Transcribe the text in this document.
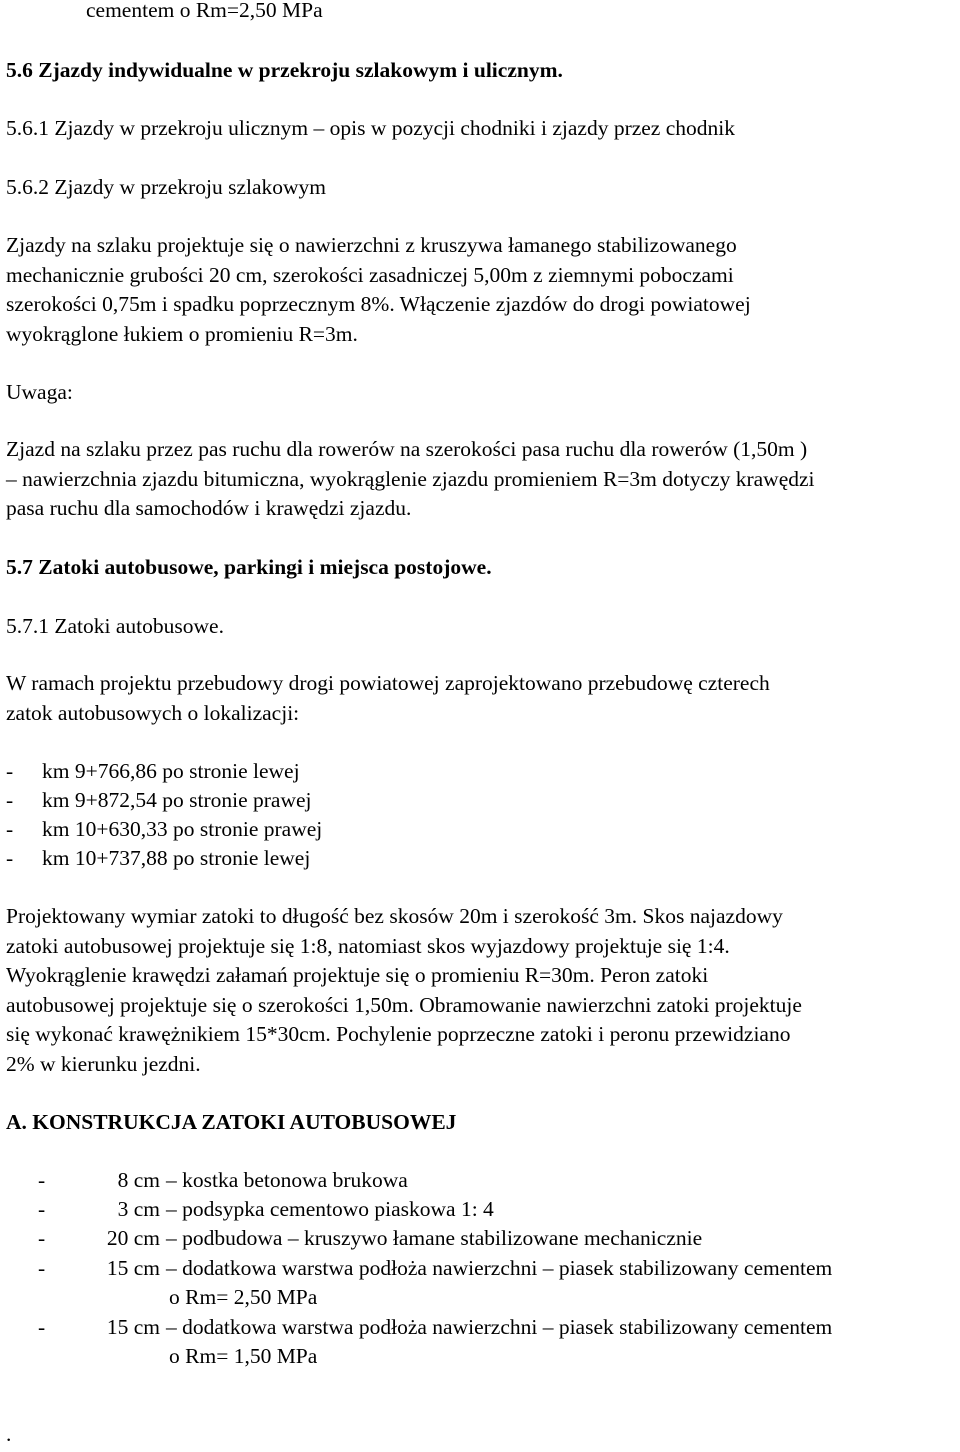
cementem o Rm=2,50 MPa
5.6 Zjazdy indywidualne w przekroju szlakowym i ulicznym.
5.6.1 Zjazdy w przekroju ulicznym – opis w pozycji chodniki i zjazdy przez chodnik
5.6.2 Zjazdy w przekroju szlakowym
Zjazdy na szlaku projektuje się o nawierzchni z kruszywa łamanego stabilizowanego
mechanicznie grubości 20 cm, szerokości zasadniczej 5,00m z ziemnymi poboczami
szerokości 0,75m i spadku poprzecznym 8%. Włączenie zjazdów do drogi powiatowej
wyokrąglone łukiem o promieniu R=3m.
Uwaga:
Zjazd na szlaku przez pas ruchu dla rowerów na szerokości pasa ruchu dla rowerów (1,50m )
– nawierzchnia zjazdu bitumiczna, wyokrąglenie zjazdu promieniem R=3m dotyczy krawędzi
pasa ruchu dla samochodów i krawędzi zjazdu.
5.7 Zatoki autobusowe, parkingi i miejsca postojowe.
5.7.1 Zatoki autobusowe.
W ramach projektu przebudowy drogi powiatowej zaprojektowano przebudowę czterech
zatok autobusowych o lokalizacji:
- km 9+766,86 po stronie lewej
- km 9+872,54 po stronie prawej
- km 10+630,33 po stronie prawej
- km 10+737,88 po stronie lewej
Projektowany wymiar zatoki to długość bez skosów 20m i szerokość 3m. Skos najazdowy
zatoki autobusowej projektuje się 1:8, natomiast skos wyjazdowy projektuje się 1:4.
Wyokrąglenie krawędzi załamań projektuje się o promieniu R=30m. Peron zatoki
autobusowej projektuje się o szerokości 1,50m. Obramowanie nawierzchni zatoki projektuje
się wykonać krawężnikiem 15*30cm. Pochylenie poprzeczne zatoki i peronu przewidziano
2% w kierunku jezdni.
A. KONSTRUKCJA ZATOKI AUTOBUSOWEJ
-	8 cm – kostka betonowa brukowa
-	3 cm – podsypka cementowo piaskowa 1: 4
-	20 cm – podbudowa – kruszywo łamane stabilizowane mechanicznie
-	15 cm – dodatkowa warstwa podłoża nawierzchni – piasek stabilizowany cementem
o Rm= 2,50 MPa
-	15 cm – dodatkowa warstwa podłoża nawierzchni – piasek stabilizowany cementem
o Rm= 1,50 MPa
.
